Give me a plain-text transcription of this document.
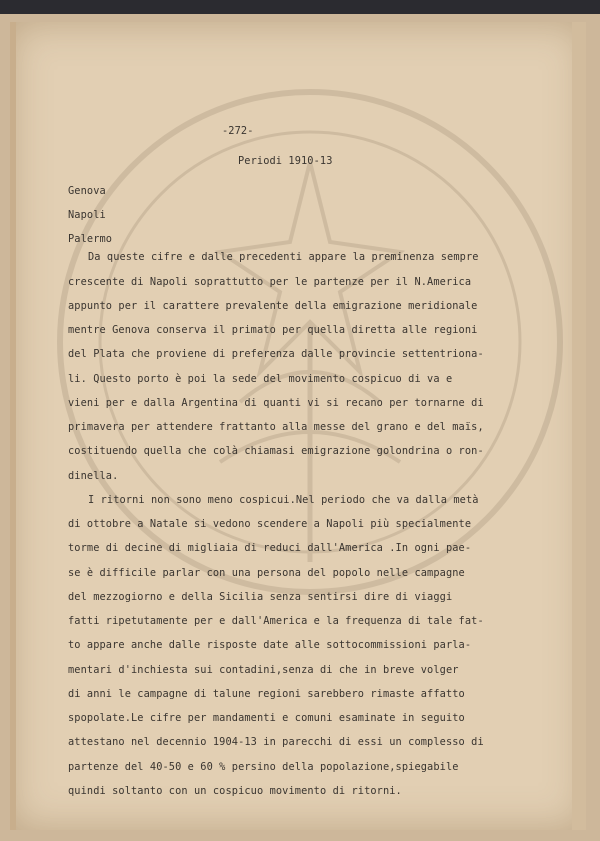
-272-
Periodi 1910-13
Genova
Napoli
Palermo
Da queste cifre e dalle precedenti appare la preminenza sempre
crescente di Napoli soprattutto per le partenze per il N.America
appunto per il carattere prevalente della emigrazione meridionale
mentre Genova conserva il primato per quella diretta alle regioni
del Plata che proviene di preferenza dalle provincie settentriona-
li. Questo porto è poi la sede del movimento cospicuo di va e
vieni per e dalla Argentina di quanti vi si recano per tornarne di
primavera per attendere frattanto alla messe del grano e del maïs,
costituendo quella che colà chiamasi emigrazione golondrina o ron-
dinella.
I ritorni non sono meno cospicui.Nel periodo che va dalla metà
di ottobre a Natale si vedono scendere a Napoli più specialmente
torme di decine di migliaia di reduci dall'America .In ogni pae-
se è difficile parlar con una persona del popolo nelle campagne
del mezzogiorno e della Sicilia senza sentirsi dire di viaggi
fatti ripetutamente per e dall'America e la frequenza di tale fat-
to appare anche dalle risposte date alle sottocommissioni parla-
mentari d'inchiesta sui contadini,senza di che in breve volger
di anni le campagne di talune regioni sarebbero rimaste affatto
spopolate.Le cifre per mandamenti e comuni esaminate in seguito
attestano nel decennio 1904-13 in parecchi di essi un complesso di
partenze del 40-50 e 60 % persino della popolazione,spiegabile
quindi soltanto con un cospicuo movimento di ritorni.
